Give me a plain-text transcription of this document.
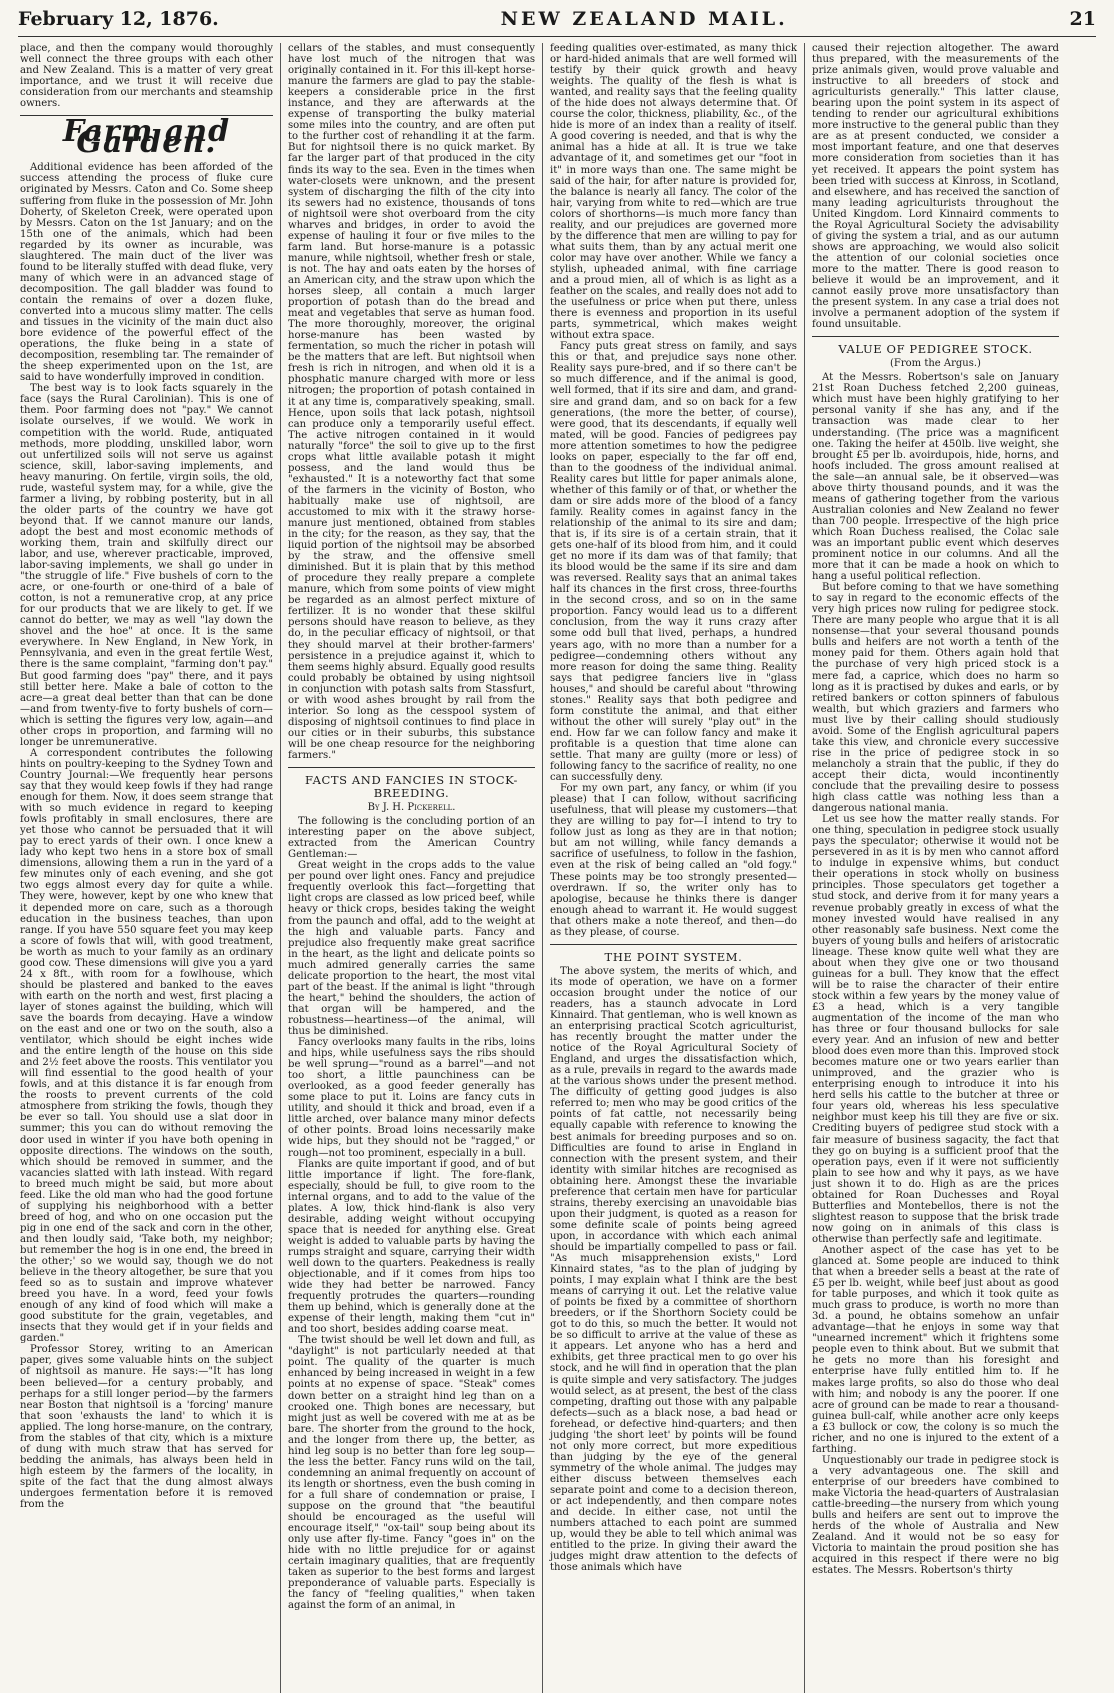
February 12, 1876.	NEW ZEALAND MAIL.	21

place, and then the company would thoroughly well connect the three groups with each other and New Zealand. This is a matter of very great importance, and we trust it will receive due consideration from our merchants and steamship owners.

Farm and Garden.

Additional evidence has been afforded of the success attending the process of fluke cure originated by Messrs. Caton and Co. Some sheep suffering from fluke in the possession of Mr. John Doherty, of Skeleton Creek, were operated upon by Messrs. Caton on the 1st January; and on the 15th one of the animals, which had been regarded by its owner as incurable, was slaughtered. The main duct of the liver was found to be literally stuffed with dead fluke, very many of which were in an advanced stage of decomposition. The gall bladder was found to contain the remains of over a dozen fluke, converted into a mucous slimy matter. The cells and tissues in the vicinity of the main duct also bore evidence of the powerful effect of the operations, the fluke being in a state of decomposition, resembling tar. The remainder of the sheep experimented upon on the 1st, are said to have wonderfully improved in condition.

The best way is to look facts squarely in the face (says the Rural Carolinian). This is one of them. Poor farming does not "pay." We cannot isolate ourselves, if we would. We work in competition with the world. Rude, antiquated methods, more plodding, unskilled labor, worn out unfertilized soils will not serve us against science, skill, labor-saving implements, and heavy manuring. On fertile, virgin soils, the old, rude, wasteful system may, for a while, give the farmer a living, by robbing posterity, but in all the older parts of the country we have got beyond that. If we cannot manure our lands, adopt the best and most economic methods of working them, train and skilfully direct our labor, and use, wherever practicable, improved, labor-saving implements, we shall go under in "the struggle of life." Five bushels of corn to the acre, or one-fourth or one-third of a bale of cotton, is not a remunerative crop, at any price for our products that we are likely to get. If we cannot do better, we may as well "lay down the shovel and the hoe" at once. It is the same everywhere. In New England, in New York, in Pennsylvania, and even in the great fertile West, there is the same complaint, "farming don't pay." But good farming does "pay" there, and it pays still better here. Make a bale of cotton to the acre—a great deal better than that can be done—and from twenty-five to forty bushels of corn—which is setting the figures very low, again—and other crops in proportion, and farming will no longer be unremunerative.

A correspondent contributes the following hints on poultry-keeping to the Sydney Town and Country Journal:—We frequently hear persons say that they would keep fowls if they had range enough for them. Now, it does seem strange that with so much evidence in regard to keeping fowls profitably in small enclosures, there are yet those who cannot be persuaded that it will pay to erect yards of their own. I once knew a lady who kept two hens in a store box of small dimensions, allowing them a run in the yard of a few minutes only of each evening, and she got two eggs almost every day for quite a while. They were, however, kept by one who knew that it depended more on care, such as a thorough education in the business teaches, than upon range. If you have 550 square feet you may keep a score of fowls that will, with good treatment, be worth as much to your family as an ordinary good cow. These dimensions will give you a yard 24 x 8ft., with room for a fowlhouse, which should be plastered and banked to the eaves with earth on the north and west, first placing a layer of stones against the building, which will save the boards from decaying. Have a window on the east and one or two on the south, also a ventilator, which should be eight inches wide and the entire length of the house on this side and 2½ feet above the roosts. This ventilator you will find essential to the good health of your fowls, and at this distance it is far enough from the roosts to prevent currents of the cold atmosphere from striking the fowls, though they be ever so tall. You should use a slat door in summer; this you can do without removing the door used in winter if you have both opening in opposite directions. The windows on the south, which should be removed in summer, and the vacancies slatted with lath instead. With regard to breed much might be said, but more about feed. Like the old man who had the good fortune of supplying his neighborhood with a better breed of hog, and who on one occasion put the pig in one end of the sack and corn in the other, and then loudly said, 'Take both, my neighbor; but remember the hog is in one end, the breed in the other;' so we would say, though we do not believe in the theory altogether, be sure that you feed so as to sustain and improve whatever breed you have. In a word, feed your fowls enough of any kind of food which will make a good substitute for the grain, vegetables, and insects that they would get if in your fields and garden."

Professor Storey, writing to an American paper, gives some valuable hints on the subject of nightsoil as manure. He says:—"It has long been believed—for a century probably, and perhaps for a still longer period—by the farmers near Boston that nightsoil is a 'forcing' manure that soon 'exhausts the land' to which it is applied. The long horse-manure, on the contrary, from the stables of that city, which is a mixture of dung with much straw that has served for bedding the animals, has always been held in high esteem by the farmers of the locality, in spite of the fact that the dung almost always undergoes fermentation before it is removed from the

cellars of the stables, and must consequently have lost much of the nitrogen that was originally contained in it. For this ill-kept horse-manure the farmers are glad to pay the stable-keepers a considerable price in the first instance, and they are afterwards at the expense of transporting the bulky material some miles into the country, and are often put to the further cost of rehandling it at the farm. But for nightsoil there is no quick market. By far the larger part of that produced in the city finds its way to the sea. Even in the times when water-closets were unknown, and the present system of discharging the filth of the city into its sewers had no existence, thousands of tons of nightsoil were shot overboard from the city wharves and bridges, in order to avoid the expense of hauling it four or five miles to the farm land. But horse-manure is a potassic manure, while nightsoil, whether fresh or stale, is not. The hay and oats eaten by the horses of an American city, and the straw upon which the horses sleep, all contain a much larger proportion of potash than do the bread and meat and vegetables that serve as human food. The more thoroughly, moreover, the original horse-manure has been wasted by fermentation, so much the richer in potash will be the matters that are left. But nightsoil when fresh is rich in nitrogen, and when old it is a phosphatic manure charged with more or less nitrogen; the proportion of potash contained in it at any time is, comparatively speaking, small. Hence, upon soils that lack potash, nightsoil can produce only a temporarily useful effect. The active nitrogen contained in it would naturally "force" the soil to give up to the first crops what little available potash it might possess, and the land would thus be "exhausted." It is a noteworthy fact that some of the farmers in the vicinity of Boston, who habitually make use of nightsoil, are accustomed to mix with it the strawy horse-manure just mentioned, obtained from stables in the city; for the reason, as they say, that the liquid portion of the nightsoil may be absorbed by the straw, and the offensive smell diminished. But it is plain that by this method of procedure they really prepare a complete manure, which from some points of view might be regarded as an almost perfect mixture of fertilizer. It is no wonder that these skilful persons should have reason to believe, as they do, in the peculiar efficacy of nightsoil, or that they should marvel at their brother-farmers' persistence in a prejudice against it, which to them seems highly absurd. Equally good results could probably be obtained by using nightsoil in conjunction with potash salts from Stassfurt, or with wood ashes brought by rail from the interior. So long as the cesspool system of disposing of nightsoil continues to find place in our cities or in their suburbs, this substance will be one cheap resource for the neighboring farmers."

FACTS AND FANCIES IN STOCK-BREEDING.
By J. H. Pickerell.

The following is the concluding portion of an interesting paper on the above subject, extracted from the American Country Gentleman:—

Great weight in the crops adds to the value per pound over light ones. Fancy and prejudice frequently overlook this fact—forgetting that light crops are classed as low priced beef, while heavy or thick crops, besides taking the weight from the paunch and offal, add to the weight at the high and valuable parts. Fancy and prejudice also frequently make great sacrifice in the heart, as the light and delicate points so much admired generally carries the same delicate proportion to the heart, the most vital part of the beast. If the animal is light "through the heart," behind the shoulders, the action of that organ will be hampered, and the robustness—heartiness—of the animal, will thus be diminished.

Fancy overlooks many faults in the ribs, loins and hips, while usefulness says the ribs should be well sprung—"round as a barrel"—and not too short, a little paunchiness can be overlooked, as a good feeder generally has some place to put it. Loins are fancy cuts in utility, and should it thick and broad, even if a little arched, over balance many minor defects of other points. Broad loins necessarily make wide hips, but they should not be "ragged," or rough—not too prominent, especially in a bull.

Flanks are quite important if good, and of but little importance if light. The fore-flank, especially, should be full, to give room to the internal organs, and to add to the value of the plates. A low, thick hind-flank is also very desirable, adding weight without occupying space that is needed for anything else. Great weight is added to valuable parts by having the rumps straight and square, carrying their width well down to the quarters. Peakedness is really objectionable, and if it comes from hips too wide they had better be narrowed. Fancy frequently protrudes the quarters—rounding them up behind, which is generally done at the expense of their length, making them "cut in" and too short, besides adding coarse meat.

The twist should be well let down and full, as "daylight" is not particularly needed at that point. The quality of the quarter is much enhanced by being increased in weight in a few points at no expense of space. "Steak" comes down better on a straight hind leg than on a crooked one. Thigh bones are necessary, but might just as well be covered with me at as be bare. The shorter from the ground to the hock, and the longer from there up, the better, as hind leg soup is no better than fore leg soup—the less the better. Fancy runs wild on the tail, condemning an animal frequently on account of its length or shortness, even the bush coming in for a full share of condemnation or praise, I suppose on the ground that "the beautiful should be encouraged as the useful will encourage itself," "ox-tail" soup being about its only use after fly-time. Fancy "goes in" on the hide with no little prejudice for or against certain imaginary qualities, that are frequently taken as superior to the best forms and largest preponderance of valuable parts. Especially is the fancy of "feeling qualities," when taken against the form of an animal, in

feeding qualities over-estimated, as many thick or hard-hided animals that are well formed will testify by their quick growth and heavy weights. The quality of the flesh is what is wanted, and reality says that the feeling quality of the hide does not always determine that. Of course the color, thickness, pliability, &c., of the hide is more of an index than a reality of itself. A good covering is needed, and that is why the animal has a hide at all. It is true we take advantage of it, and sometimes get our "foot in it" in more ways than one. The same might be said of the hair, for after nature is provided for, the balance is nearly all fancy. The color of the hair, varying from white to red—which are true colors of shorthorns—is much more fancy than reality, and our prejudices are governed more by the difference that men are willing to pay for what suits them, than by any actual merit one color may have over another. While we fancy a stylish, upheaded animal, with fine carriage and a proud mien, all of which is as light as a feather on the scales, and really does not add to the usefulness or price when put there, unless there is evenness and proportion in its useful parts, symmetrical, which makes weight without extra space.

Fancy puts great stress on family, and says this or that, and prejudice says none other. Reality says pure-bred, and if so there can't be so much difference, and if the animal is good, well formed, that if its sire and dam, and grand-sire and grand dam, and so on back for a few generations, (the more the better, of course), were good, that its descendants, if equally well mated, will be good. Fancies of pedigrees pay more attention sometimes to how the pedigree looks on paper, especially to the far off end, than to the goodness of the individual animal. Reality cares but little for paper animals alone, whether of this family or of that, or whether the dam or sire adds more of the blood of a fancy family. Reality comes in against fancy in the relationship of the animal to its sire and dam; that is, if its sire is of a certain strain, that it gets one-half of its blood from him, and it could get no more if its dam was of that family; that its blood would be the same if its sire and dam was reversed. Reality says that an animal takes half its chances in the first cross, three-fourths in the second cross, and so on in the same proportion. Fancy would lead us to a different conclusion, from the way it runs crazy after some odd bull that lived, perhaps, a hundred years ago, with no more than a number for a pedigree—condemning others without any more reason for doing the same thing. Reality says that pedigree fanciers live in "glass houses," and should be careful about "throwing stones." Reality says that both pedigree and form constitute the animal, and that either without the other will surely "play out" in the end. How far we can follow fancy and make it profitable is a question that time alone can settle. That many are guilty (more or less) of following fancy to the sacrifice of reality, no one can successfully deny.

For my own part, any fancy, or whim (if you please) that I can follow, without sacrificing usefulness, that will please my customers—that they are willing to pay for—I intend to try to follow just as long as they are in that notion; but am not willing, while fancy demands a sacrifice of usefulness, to follow in the fashion, even at the risk of being called an "old fogy." These points may be too strongly presented—overdrawn. If so, the writer only has to apologise, because he thinks there is danger enough ahead to warrant it. He would suggest that others make a note thereof, and then—do as they please, of course.

THE POINT SYSTEM.

The above system, the merits of which, and its mode of operation, we have on a former occasion brought under the notice of our readers, has a staunch advocate in Lord Kinnaird. That gentleman, who is well known as an enterprising practical Scotch agriculturist, has recently brought the matter under the notice of the Royal Agricultural Society of England, and urges the dissatisfaction which, as a rule, prevails in regard to the awards made at the various shows under the present method. The difficulty of getting good judges is also referred to; men who may be good critics of the points of fat cattle, not necessarily being equally capable with reference to knowing the best animals for breeding purposes and so on. Difficulties are found to arise in England in connection with the present system, and their identity with similar hitches are recognised as obtaining here. Amongst these the invariable preference that certain men have for particular strains, thereby exercising an unavoidable bias upon their judgment, is quoted as a reason for some definite scale of points being agreed upon, in accordance with which each animal should be impartially compelled to pass or fail. "As much misapprehension exists," Lord Kinnaird states, "as to the plan of judging by points, I may explain what I think are the best means of carrying it out. Let the relative value of points be fixed by a committee of shorthorn breeders, or if the Shorthorn Society could be got to do this, so much the better. It would not be so difficult to arrive at the value of these as it appears. Let anyone who has a herd and exhibits, get three practical men to go over his stock, and he will find in operation that the plan is quite simple and very satisfactory. The judges would select, as at present, the best of the class competing, drafting out those with any palpable defects—such as a black nose, a bad head or forehead, or defective hind-quarters; and then judging 'the short leet' by points will be found not only more correct, but more expeditious than judging by the eye of the general symmetry of the whole animal. The judges may either discuss between themselves each separate point and come to a decision thereon, or act independently, and then compare notes and decide. In either case, not until the numbers attached to each point are summed up, would they be able to tell which animal was entitled to the prize. In giving their award the judges might draw attention to the defects of those animals which have

caused their rejection altogether. The award thus prepared, with the measurements of the prize animals given, would prove valuable and instructive to all breeders of stock and agriculturists generally." This latter clause, bearing upon the point system in its aspect of tending to render our agricultural exhibitions more instructive to the general public than they are as at present conducted, we consider a most important feature, and one that deserves more consideration from societies than it has yet received. It appears the point system has been tried with success at Kinross, in Scotland, and elsewhere, and has received the sanction of many leading agriculturists throughout the United Kingdom. Lord Kinnaird comments to the Royal Agricultural Society the advisability of giving the system a trial, and as our autumn shows are approaching, we would also solicit the attention of our colonial societies once more to the matter. There is good reason to believe it would be an improvement, and it cannot easily prove more unsatisfactory than the present system. In any case a trial does not involve a permanent adoption of the system if found unsuitable.

VALUE OF PEDIGREE STOCK.
(From the Argus.)

At the Messrs. Robertson's sale on January 21st Roan Duchess fetched 2,200 guineas, which must have been highly gratifying to her personal vanity if she has any, and if the transaction was made clear to her understanding. (The price was a magnificent one. Taking the heifer at 450lb. live weight, she brought £5 per lb. avoirdupois, hide, horns, and hoofs included. The gross amount realised at the sale—an annual sale, be it observed—was above thirty thousand pounds, and it was the means of gathering together from the various Australian colonies and New Zealand no fewer than 700 people. Irrespective of the high price which Roan Duchess realised, the Colac sale was an important public event which deserves prominent notice in our columns. And all the more that it can be made a hook on which to hang a useful political reflection.

But before coming to that we have something to say in regard to the economic effects of the very high prices now ruling for pedigree stock. There are many people who argue that it is all nonsense—that your several thousand pounds bulls and heifers are not worth a tenth of the money paid for them. Others again hold that the purchase of very high priced stock is a mere fad, a caprice, which does no harm so long as it is practised by dukes and earls, or by retired bankers or cotton spinners of fabulous wealth, but which graziers and farmers who must live by their calling should studiously avoid. Some of the English agricultural papers take this view, and chronicle every successive rise in the price of pedigree stock in so melancholy a strain that the public, if they do accept their dicta, would incontinently conclude that the prevailing desire to possess high class cattle was nothing less than a dangerous national mania.

Let us see how the matter really stands. For one thing, speculation in pedigree stock usually pays the speculator; otherwise it would not be persevered in as it is by men who cannot afford to indulge in expensive whims, but conduct their operations in stock wholly on business principles. Those speculators get together a stud stock, and derive from it for many years a revenue probably greatly in excess of what the money invested would have realised in any other reasonably safe business. Next come the buyers of young bulls and heifers of aristocratic lineage. These know quite well what they are about when they give one or two thousand guineas for a bull. They know that the effect will be to raise the character of their entire stock within a few years by the money value of £3 a head, which is a very tangible augmentation of the income of the man who has three or four thousand bullocks for sale every year. And an infusion of new and better blood does even more than this. Improved stock becomes mature one or two years earlier than unimproved, and the grazier who is enterprising enough to introduce it into his herd sells his cattle to the butcher at three or four years old, whereas his less speculative neighbor must keep his till they are five or six. Crediting buyers of pedigree stud stock with a fair measure of business sagacity, the fact that they go on buying is a sufficient proof that the operation pays, even if it were not sufficiently plain to see how and why it pays, as we have just shown it to do. High as are the prices obtained for Roan Duchesses and Royal Butterflies and Montebellos, there is not the slightest reason to suppose that the brisk trade now going on in animals of this class is otherwise than perfectly safe and legitimate.

Another aspect of the case has yet to be glanced at. Some people are induced to think that when a breeder sells a beast at the rate of £5 per lb. weight, while beef just about as good for table purposes, and which it took quite as much grass to produce, is worth no more than 3d. a pound, he obtains somehow an unfair advantage—that he enjoys in some way that "unearned increment" which it frightens some people even to think about. But we submit that he gets no more than his foresight and enterprise have fully entitled him to. If he makes large profits, so also do those who deal with him; and nobody is any the poorer. If one acre of ground can be made to rear a thousand-guinea bull-calf, while another acre only keeps a £3 bullock or cow, the colony is so much the richer, and no one is injured to the extent of a farthing.

Unquestionably our trade in pedigree stock is a very advantageous one. The skill and enterprise of our breeders have combined to make Victoria the head-quarters of Australasian cattle-breeding—the nursery from which young bulls and heifers are sent out to improve the herds of the whole of Australia and New Zealand. And it would not be so easy for Victoria to maintain the proud position she has acquired in this respect if there were no big estates. The Messrs. Robertson's thirty
